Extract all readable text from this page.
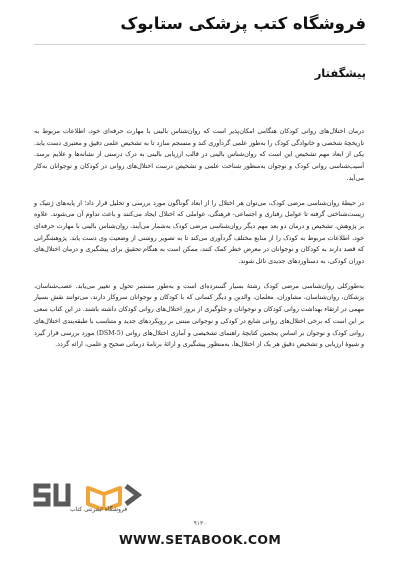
فروشگاه کتب پزشکی ستابوک
پیشگفتار

درمان اختلال‌های روانی کودکان هنگامی امکان‌پذیر است که روان‌شناس بالینی با مهارت حرفه‌ای خود، اطلاعات مربوط به تاریخچهٔ شخصی و خانوادگی کودک را به‌طور علمی گردآوری کند و منسجم سازد تا به تشخیص علمی دقیق و معتبری دست یابد. یکی از ابعاد مهم تشخیص این است که روان‌شناس بالینی در قالب ارزیابی بالینی به درک درستی از نشانه‌ها و علایم برسد. آسیب‌شناسی روانی کودک و نوجوان به‌منظور شناخت علمی و تشخیص درست اختلال‌های روانی در کودکان و نوجوانان به‌کار می‌آید.

در حیطهٔ روان‌شناسی مرضی کودک، می‌توان هر اختلال را از ابعاد گوناگون مورد بررسی و تحلیل قرار داد؛ از پایه‌های ژنتیک و زیست‌شناختی گرفته تا عوامل رفتاری و اجتماعی- فرهنگی، عواملی که اختلال ایجاد می‌کنند و باعث تداوم آن می‌شوند. علاوه بر پژوهش، تشخیص و درمان دو بعد مهم دیگر روان‌شناسی مرضی کودک به‌شمار می‌آیند. روان‌شناس بالینی با مهارت حرفه‌ای خود، اطلاعات مربوط به کودک را از منابع مختلف گردآوری می‌کند تا به تصویر روشنی از وضعیت وی دست یابد. پژوهشگرانی که قصد دارند به کودکان و نوجوانان در معرض خطر کمک کنند، ممکن است به هنگام تحقیق برای پیشگیری و درمان اختلال‌های دوران کودکی، به دستاوردهای جدیدی نائل شوند.

به‌طورکلی روان‌شناسی مرضی کودک رشتهٔ بسیار گسترده‌ای است و به‌طور مستمر تحول و تغییر می‌یابد. عصب‌شناسان، پزشکان، روان‌شناسان، مشاوران، معلمان، والدین و دیگر کسانی که با کودکان و نوجوانان سروکار دارند، می‌توانند نقش بسیار مهمی در ارتقاء بهداشت روانی کودکان و نوجوانان و جلوگیری از بروز اختلال‌های روانی کودکان داشته باشند. در این کتاب سعی بر این است که برخی اختلال‌های روانی شایع در کودکی و نوجوانی مبتنی بر رویکردهای جدید و متناسب با طبقه‌بندی اختلال‌های روانی کودک و نوجوان بر اساس پنجمین کتابچهٔ راهنمای تشخیصی و آماری اختلال‌های روانی (DSM-5) مورد بررسی قرار گیرد و شیوهٔ ارزیابی و تشخیص دقیق هر یک از اختلال‌ها، به‌منظور پیشگیری و ارائهٔ برنامهٔ درمانی صحیح و علمی، ارائه گردد.

فروشگاه اینترنتی کتاب
۹۱۳۰
WWW.SETABOOK.COM
